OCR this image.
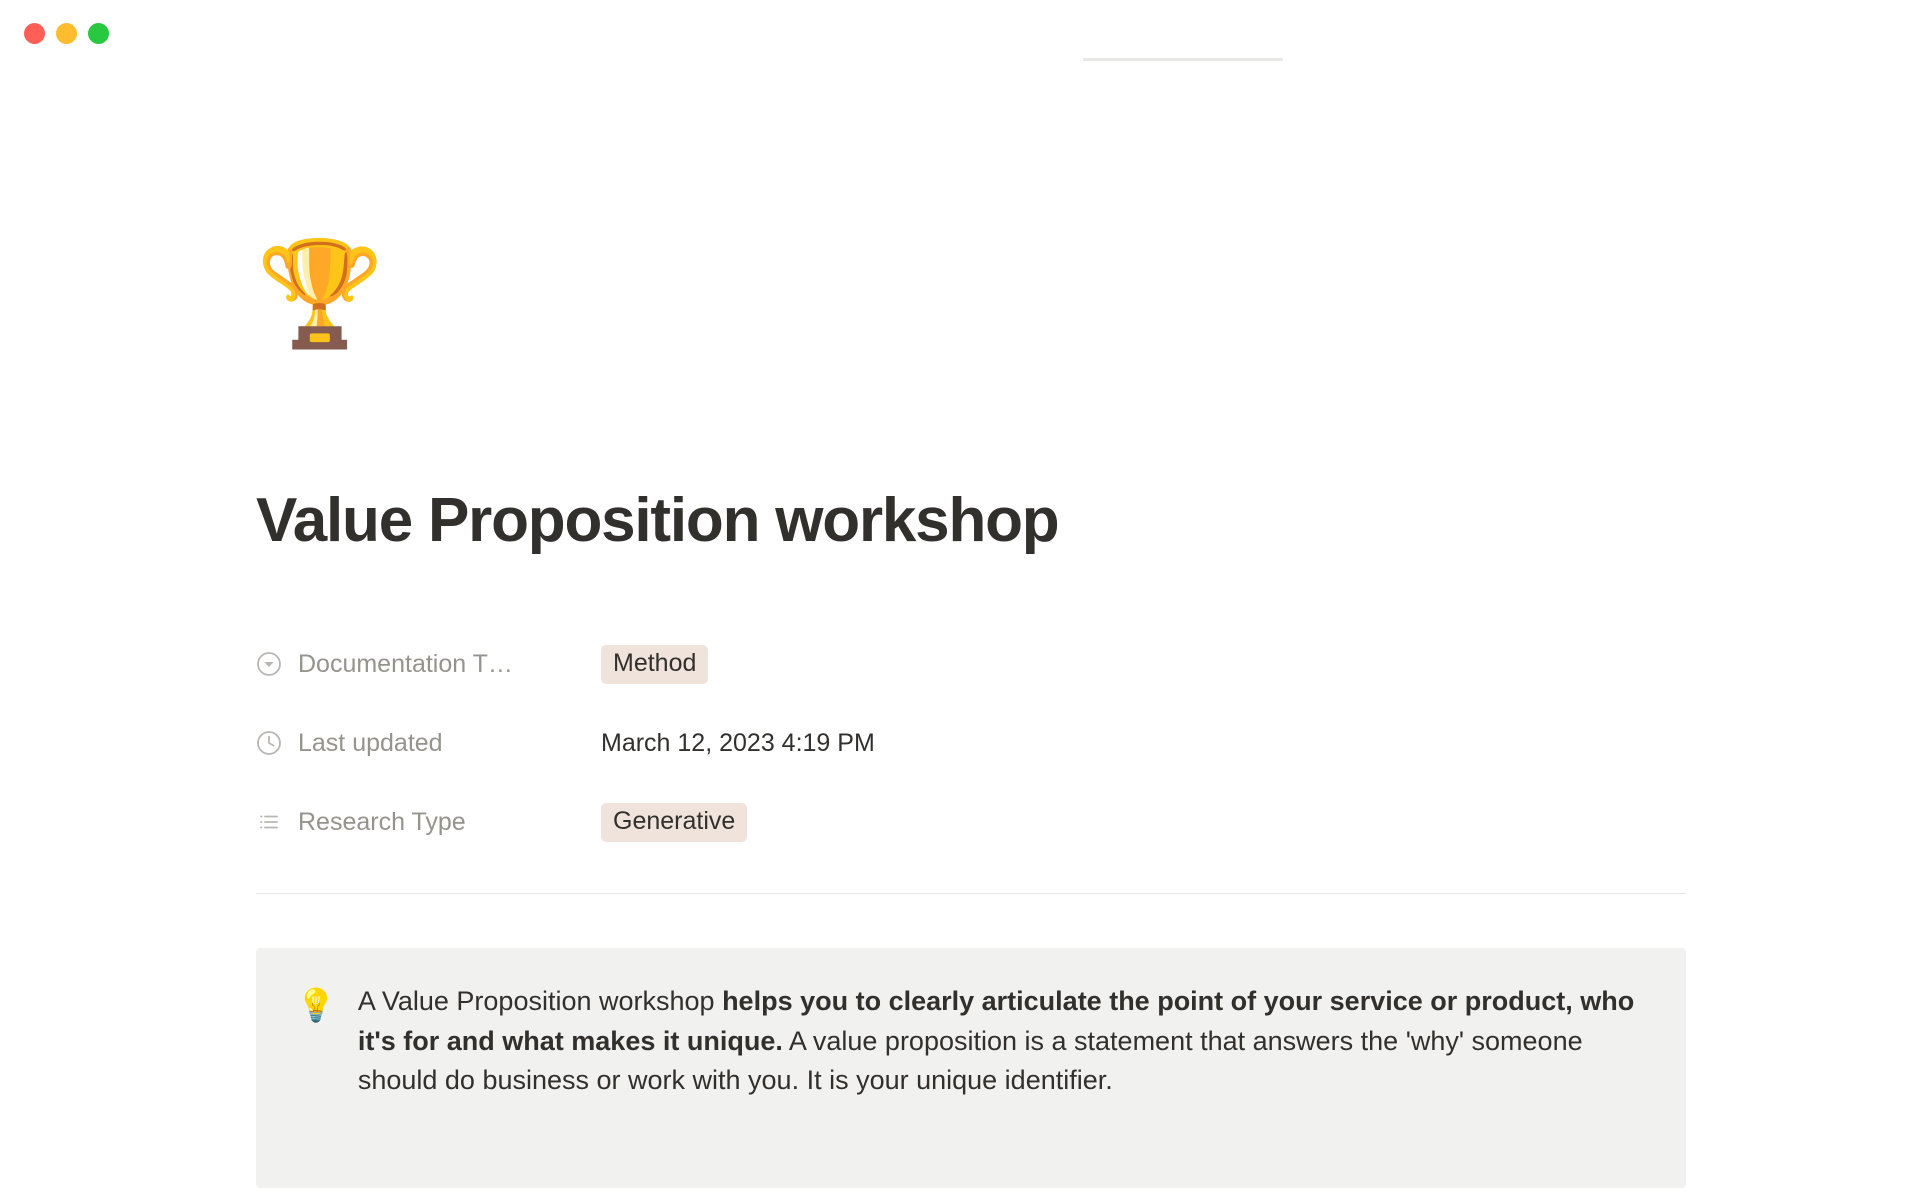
🏆
Value Proposition workshop
Documentation T…	Method
Last updated	March 12, 2023 4:19 PM
Research Type	Generative
💡 A Value Proposition workshop helps you to clearly articulate the point of your service or product, who it's for and what makes it unique. A value proposition is a statement that answers the 'why' someone should do business or work with you. It is your unique identifier.
